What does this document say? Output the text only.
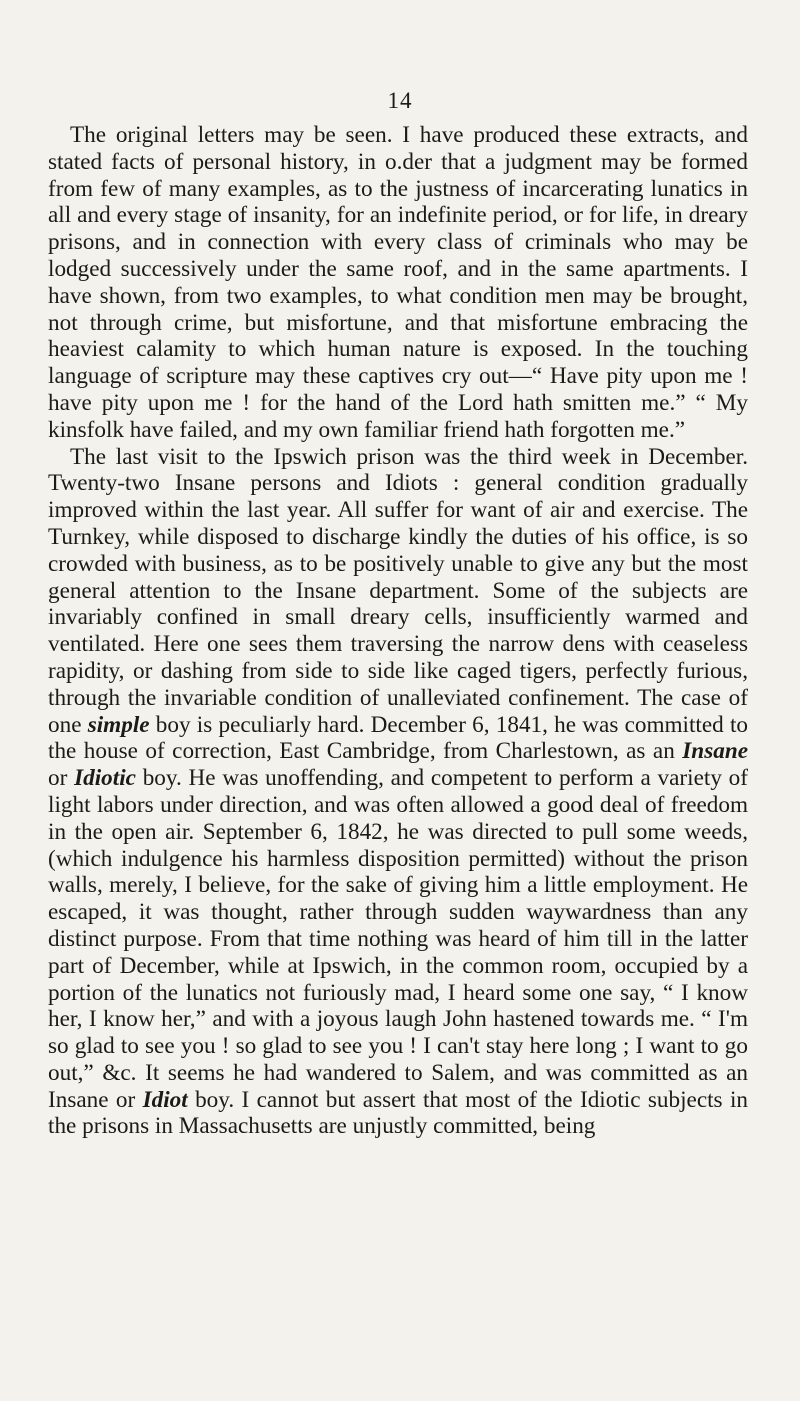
14

The original letters may be seen. I have produced these extracts, and stated facts of personal history, in o.der that a judgment may be formed from few of many examples, as to the justness of incarcerating lunatics in all and every stage of insanity, for an indefinite period, or for life, in dreary prisons, and in connection with every class of criminals who may be lodged successively under the same roof, and in the same apartments. I have shown, from two examples, to what condition men may be brought, not through crime, but misfortune, and that misfortune embracing the heaviest calamity to which human nature is exposed. In the touching language of scripture may these captives cry out—“ Have pity upon me ! have pity upon me ! for the hand of the Lord hath smitten me.” “ My kinsfolk have failed, and my own familiar friend hath forgotten me.”

The last visit to the Ipswich prison was the third week in December. Twenty-two Insane persons and Idiots : general condition gradually improved within the last year. All suffer for want of air and exercise. The Turnkey, while disposed to discharge kindly the duties of his office, is so crowded with business, as to be positively unable to give any but the most general attention to the Insane department. Some of the subjects are invariably confined in small dreary cells, insufficiently warmed and ventilated. Here one sees them traversing the narrow dens with ceaseless rapidity, or dashing from side to side like caged tigers, perfectly furious, through the invariable condition of unalleviated confinement. The case of one simple boy is peculiarly hard. December 6, 1841, he was committed to the house of correction, East Cambridge, from Charlestown, as an Insane or Idiotic boy. He was unoffending, and competent to perform a variety of light labors under direction, and was often allowed a good deal of freedom in the open air. September 6, 1842, he was directed to pull some weeds, (which indulgence his harmless disposition permitted) without the prison walls, merely, I believe, for the sake of giving him a little employment. He escaped, it was thought, rather through sudden waywardness than any distinct purpose. From that time nothing was heard of him till in the latter part of December, while at Ipswich, in the common room, occupied by a portion of the lunatics not furiously mad, I heard some one say, “ I know her, I know her,” and with a joyous laugh John hastened towards me. “ I'm so glad to see you ! so glad to see you ! I can't stay here long ; I want to go out,” &c. It seems he had wandered to Salem, and was committed as an Insane or Idiot boy. I cannot but assert that most of the Idiotic subjects in the prisons in Massachusetts are unjustly committed, being
